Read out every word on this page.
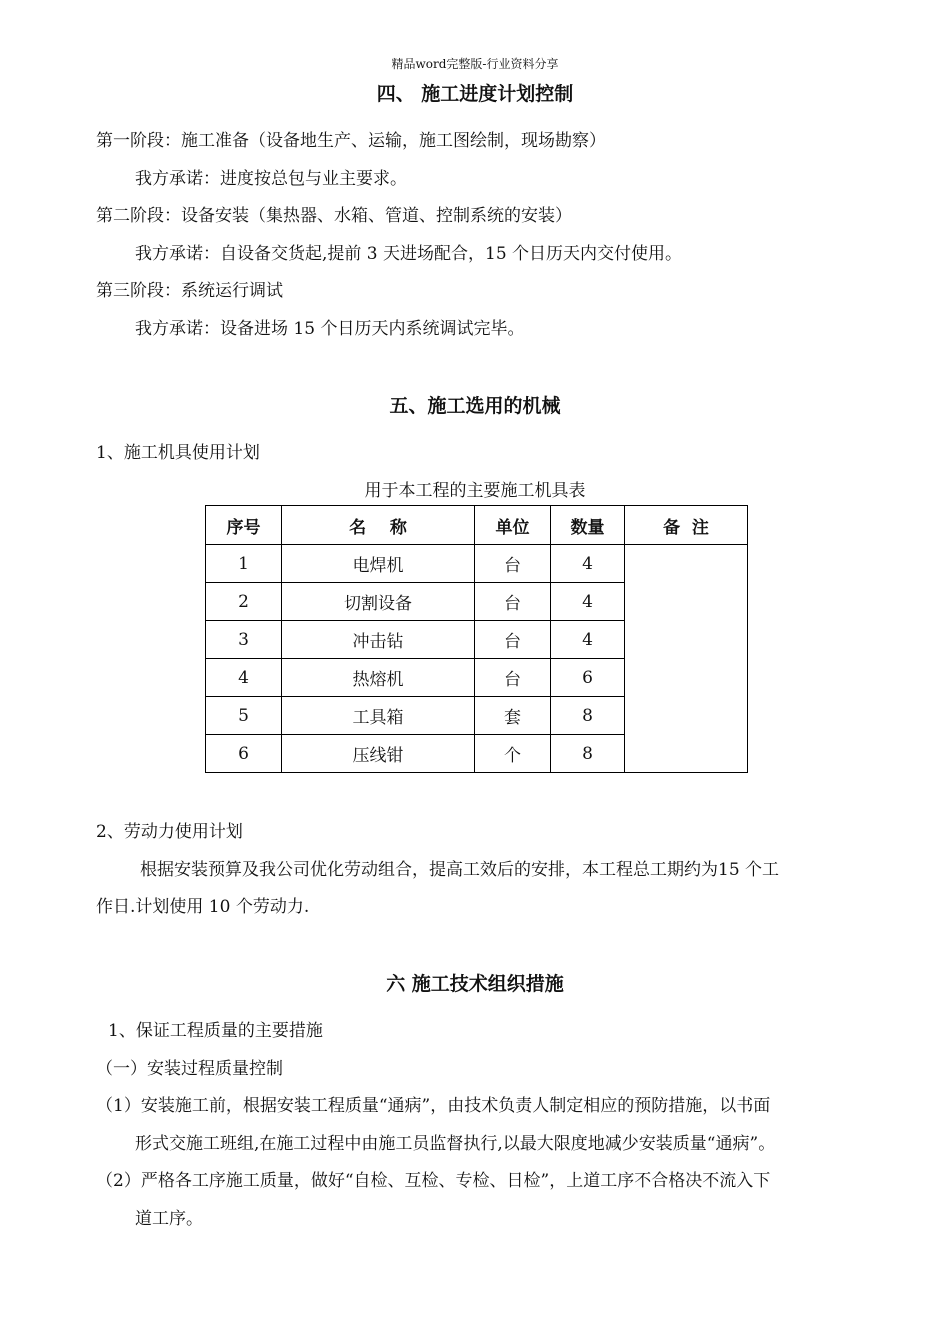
精品word完整版-行业资料分享
四、 施工进度计划控制
第一阶段：施工准备（设备地生产、运输，施工图绘制，现场勘察）
我方承诺：进度按总包与业主要求。
第二阶段：设备安装（集热器、水箱、管道、控制系统的安装）
我方承诺：自设备交货起,提前 3 天进场配合，15 个日历天内交付使用。
第三阶段：系统运行调试
我方承诺：设备进场 15 个日历天内系统调试完毕。
五、施工选用的机械
1、施工机具使用计划
用于本工程的主要施工机具表
序号	名    称	单位	数量	备  注
1	电焊机	台	4	
2	切割设备	台	4	
3	冲击钻	台	4	
4	热熔机	台	6	
5	工具箱	套	8	
6	压线钳	个	8	
2、劳动力使用计划
根据安装预算及我公司优化劳动组合，提高工效后的安排，本工程总工期约为15 个工
作日.计划使用 10 个劳动力.
六 施工技术组织措施
1、保证工程质量的主要措施
（一）安装过程质量控制
（1）安装施工前，根据安装工程质量“通病”，由技术负责人制定相应的预防措施，以书面
形式交施工班组,在施工过程中由施工员监督执行,以最大限度地减少安装质量“通病”。
（2）严格各工序施工质量，做好“自检、互检、专检、日检”，上道工序不合格决不流入下
道工序。
